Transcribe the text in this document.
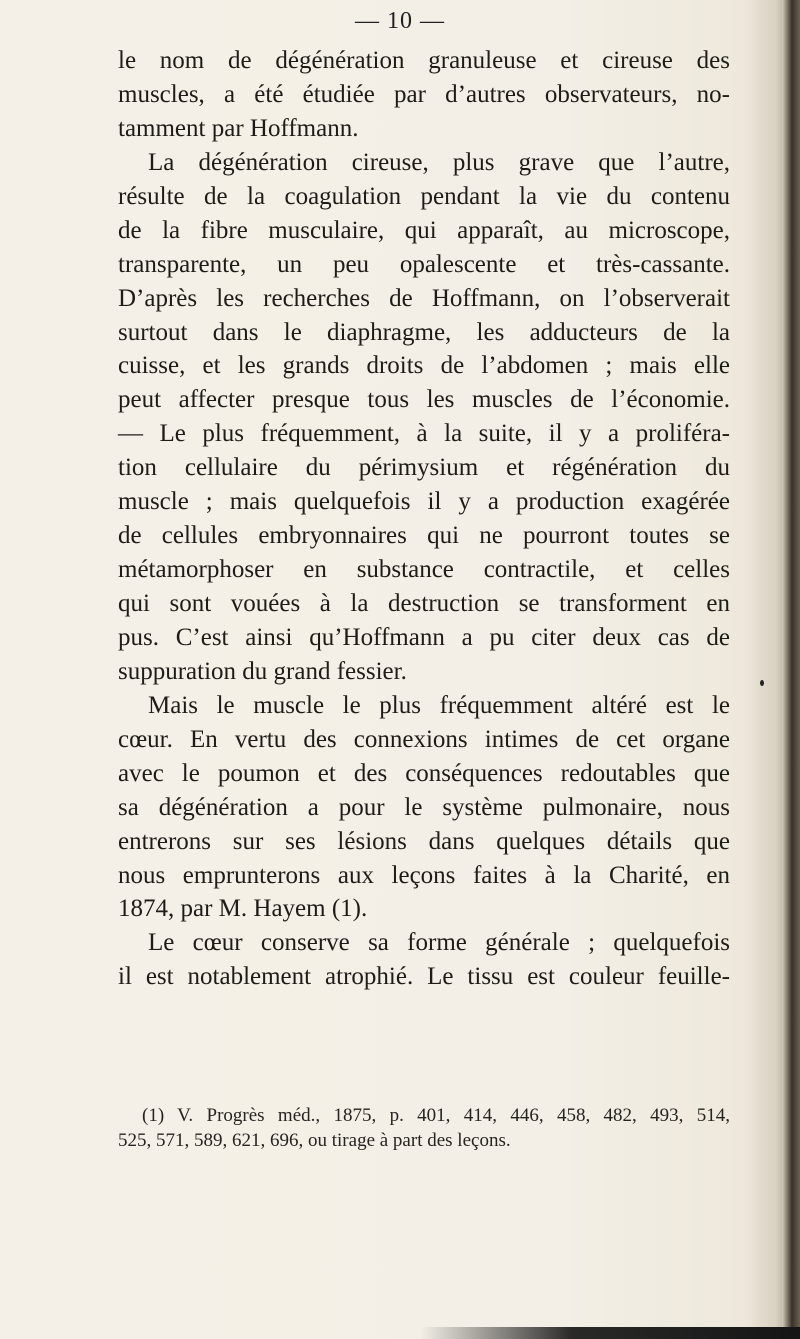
— 10 —
le nom de dégénération granuleuse et cireuse des
muscles, a été étudiée par d’autres observateurs, no-
tamment par Hoffmann.
La dégénération cireuse, plus grave que l’autre,
résulte de la coagulation pendant la vie du contenu
de la fibre musculaire, qui apparaît, au microscope,
transparente, un peu opalescente et très-cassante.
D’après les recherches de Hoffmann, on l’observerait
surtout dans le diaphragme, les adducteurs de la
cuisse, et les grands droits de l’abdomen ; mais elle
peut affecter presque tous les muscles de l’économie.
— Le plus fréquemment, à la suite, il y a proliféra-
tion cellulaire du périmysium et régénération du
muscle ; mais quelquefois il y a production exagérée
de cellules embryonnaires qui ne pourront toutes se
métamorphoser en substance contractile, et celles
qui sont vouées à la destruction se transforment en
pus. C’est ainsi qu’Hoffmann a pu citer deux cas de
suppuration du grand fessier.
Mais le muscle le plus fréquemment altéré est le
cœur. En vertu des connexions intimes de cet organe
avec le poumon et des conséquences redoutables que
sa dégénération a pour le système pulmonaire, nous
entrerons sur ses lésions dans quelques détails que
nous emprunterons aux leçons faites à la Charité, en
1874, par M. Hayem (1).
Le cœur conserve sa forme générale ; quelquefois
il est notablement atrophié. Le tissu est couleur feuille-
(1) V. Progrès méd., 1875, p. 401, 414, 446, 458, 482, 493, 514,
525, 571, 589, 621, 696, ou tirage à part des leçons.
